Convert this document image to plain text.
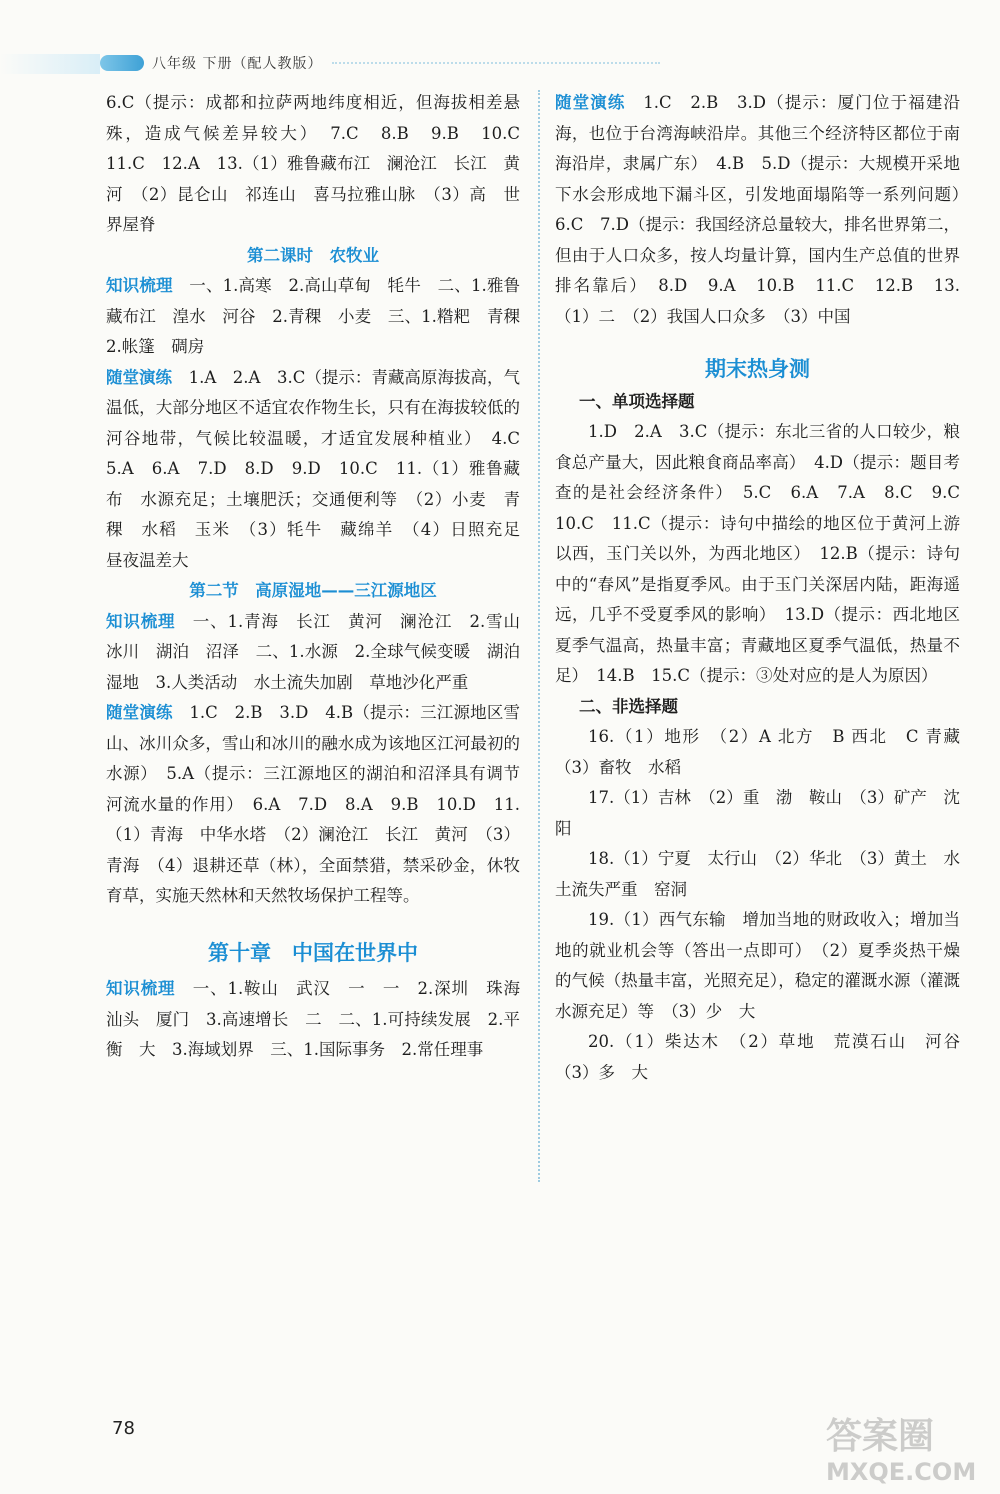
八年级 下册（配人教版）

6.C（提示：成都和拉萨两地纬度相近，但海拔相差悬殊，造成气候差异较大）　7.C　8.B　9.B　10.C　11.C　12.A　13.（1）雅鲁藏布江　澜沧江　长江　黄河　（2）昆仑山　祁连山　喜马拉雅山脉　（3）高　世界屋脊

第二课时　农牧业

知识梳理　一、1.高寒　2.高山草甸　牦牛　二、1.雅鲁藏布江　湟水　河谷　2.青稞　小麦　三、1.糌粑　青稞　2.帐篷　碉房

随堂演练　1.A　2.A　3.C（提示：青藏高原海拔高，气温低，大部分地区不适宜农作物生长，只有在海拔较低的河谷地带，气候比较温暖，才适宜发展种植业）　4.C　5.A　6.A　7.D　8.D　9.D　10.C　11.（1）雅鲁藏布　水源充足；土壤肥沃；交通便利等　（2）小麦　青稞　水稻　玉米　（3）牦牛　藏绵羊　（4）日照充足　昼夜温差大

第二节　高原湿地——三江源地区

知识梳理　一、1.青海　长江　黄河　澜沧江　2.雪山　冰川　湖泊　沼泽　二、1.水源　2.全球气候变暖　湖泊　湿地　3.人类活动　水土流失加剧　草地沙化严重

随堂演练　1.C　2.B　3.D　4.B（提示：三江源地区雪山、冰川众多，雪山和冰川的融水成为该地区江河最初的水源）　5.A（提示：三江源地区的湖泊和沼泽具有调节河流水量的作用）　6.A　7.D　8.A　9.B　10.D　11.（1）青海　中华水塔　（2）澜沧江　长江　黄河　（3）青海　（4）退耕还草（林），全面禁猎，禁采砂金，休牧育草，实施天然林和天然牧场保护工程等。

第十章　中国在世界中

知识梳理　一、1.鞍山　武汉　一　一　2.深圳　珠海　汕头　厦门　3.高速增长　二　二、1.可持续发展　2.平衡　大　3.海域划界　三、1.国际事务　2.常任理事

随堂演练　1.C　2.B　3.D（提示：厦门位于福建沿海，也位于台湾海峡沿岸。其他三个经济特区都位于南海沿岸，隶属广东）　4.B　5.D（提示：大规模开采地下水会形成地下漏斗区，引发地面塌陷等一系列问题）　6.C　7.D（提示：我国经济总量较大，排名世界第二，但由于人口众多，按人均量计算，国内生产总值的世界排名靠后）　8.D　9.A　10.B　11.C　12.B　13.（1）二　（2）我国人口众多　（3）中国

期末热身测

一、单项选择题

1.D　2.A　3.C（提示：东北三省的人口较少，粮食总产量大，因此粮食商品率高）　4.D（提示：题目考查的是社会经济条件）　5.C　6.A　7.A　8.C　9.C　10.C　11.C（提示：诗句中描绘的地区位于黄河上游以西，玉门关以外，为西北地区）　12.B（提示：诗句中的“春风”是指夏季风。由于玉门关深居内陆，距海遥远，几乎不受夏季风的影响）　13.D（提示：西北地区夏季气温高，热量丰富；青藏地区夏季气温低，热量不足）　14.B　15.C（提示：③处对应的是人为原因）

二、非选择题

16.（1）地形　（2）A 北方　B 西北　C 青藏　（3）畜牧　水稻

17.（1）吉林　（2）重　渤　鞍山　（3）矿产　沈阳

18.（1）宁夏　太行山　（2）华北　（3）黄土　水土流失严重　窑洞

19.（1）西气东输　增加当地的财政收入；增加当地的就业机会等（答出一点即可）　（2）夏季炎热干燥的气候（热量丰富，光照充足），稳定的灌溉水源（灌溉水源充足）等　（3）少　大

20.（1）柴达木　（2）草地　荒漠石山　河谷　（3）多　大

78	答案圈
MXQE.COM
